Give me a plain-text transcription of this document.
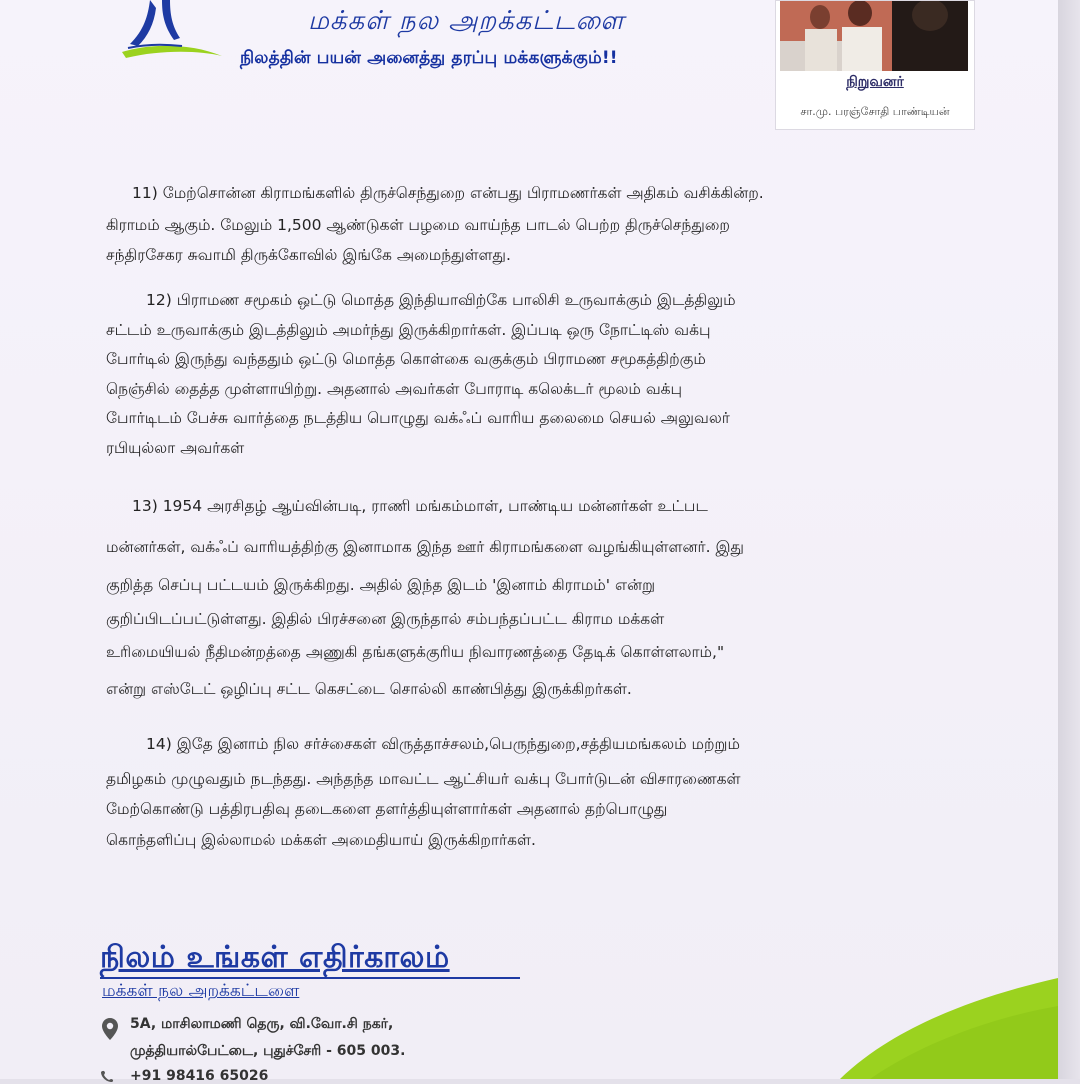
மக்கள் நல அறக்கட்டளை
நிலத்தின் பயன் அனைத்து தரப்பு மக்களுக்கும்!!
நிறுவனர்
சா.மு. பரஞ்சோதி பாண்டியன்
11) மேற்சொன்ன கிராமங்களில் திருச்செந்துறை என்பது பிராமணர்கள் அதிகம் வசிக்கின்ற.
கிராமம் ஆகும். மேலும் 1,500 ஆண்டுகள் பழமை வாய்ந்த பாடல் பெற்ற திருச்செந்துறை
சந்திரசேகர சுவாமி திருக்கோவில் இங்கே அமைந்துள்ளது.
12) பிராமண சமூகம் ஒட்டு மொத்த இந்தியாவிற்கே பாலிசி உருவாக்கும் இடத்திலும்
சட்டம் உருவாக்கும் இடத்திலும் அமர்ந்து இருக்கிறார்கள். இப்படி ஒரு நோட்டிஸ் வக்பு
போர்டில் இருந்து வந்ததும் ஒட்டு மொத்த கொள்கை வகுக்கும் பிராமண சமூகத்திற்கும்
நெஞ்சில் தைத்த முள்ளாயிற்று. அதனால் அவர்கள் போராடி கலெக்டர் மூலம் வக்பு
போர்டிடம் பேச்சு வார்த்தை நடத்திய பொழுது வக்ஃப் வாரிய தலைமை செயல் அலுவலர்
ரபியுல்லா அவர்கள்
13) 1954 அரசிதழ் ஆய்வின்படி, ராணி மங்கம்மாள், பாண்டிய மன்னர்கள் உட்பட
மன்னர்கள், வக்ஃப் வாரியத்திற்கு இனாமாக இந்த ஊர் கிராமங்களை வழங்கியுள்ளனர். இது
குறித்த செப்பு பட்டயம் இருக்கிறது. அதில் இந்த இடம் 'இனாம் கிராமம்' என்று
குறிப்பிடப்பட்டுள்ளது. இதில் பிரச்சனை இருந்தால் சம்பந்தப்பட்ட கிராம மக்கள்
உரிமையியல் நீதிமன்றத்தை அணுகி தங்களுக்குரிய நிவாரணத்தை தேடிக் கொள்ளலாம்,"
என்று எஸ்டேட் ஒழிப்பு சட்ட கெசட்டை சொல்லி காண்பித்து இருக்கிறர்கள்.
14) இதே இனாம் நில சர்ச்சைகள் விருத்தாச்சலம்,பெருந்துறை,சத்தியமங்கலம் மற்றும்
தமிழகம் முழுவதும் நடந்தது. அந்தந்த மாவட்ட ஆட்சியர் வக்பு போர்டுடன் விசாரணைகள்
மேற்கொண்டு பத்திரபதிவு தடைகளை தளர்த்தியுள்ளார்கள் அதனால் தற்பொழுது
கொந்தளிப்பு இல்லாமல் மக்கள் அமைதியாய் இருக்கிறார்கள்.
நிலம் உங்கள் எதிர்காலம்
மக்கள் நல அறக்கட்டளை
5A, மாசிலாமணி தெரு, வி.வோ.சி நகர்,
முத்தியால்பேட்டை, புதுச்சேரி - 605 003.
+91 98416 65026
